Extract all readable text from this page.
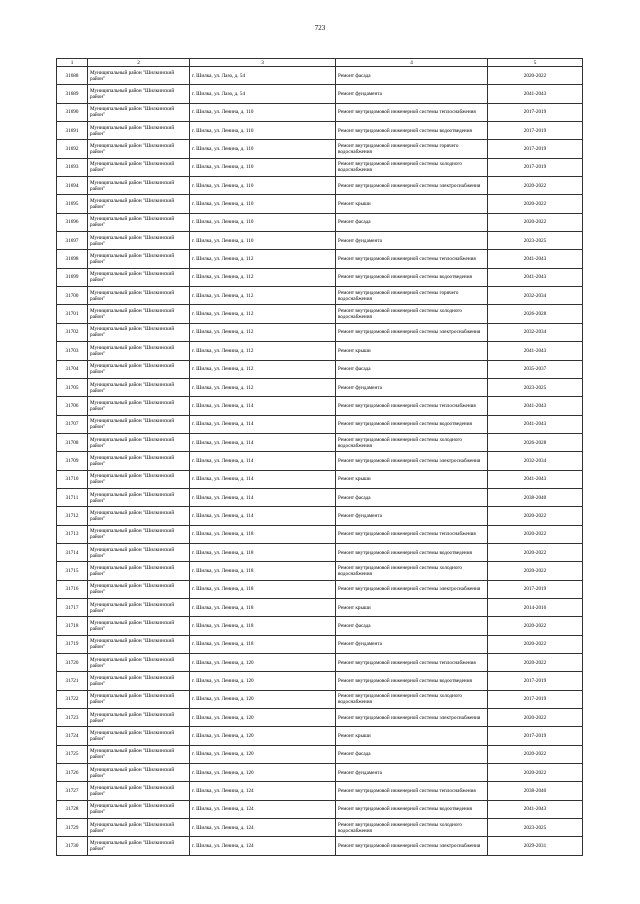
723
1	2	3	4	5
31688	Муниципальный район "Шилкинский район"	г. Шилка, ул. Лазо, д. 54	Ремонт фасада	2020-2022
31689	Муниципальный район "Шилкинский район"	г. Шилка, ул. Лазо, д. 54	Ремонт фундамента	2041-2043
31690	Муниципальный район "Шилкинский район"	г. Шилка, ул. Ленина, д. 110	Ремонт внутридомовой инженерной системы теплоснабжения	2017-2019
31691	Муниципальный район "Шилкинский район"	г. Шилка, ул. Ленина, д. 110	Ремонт внутридомовой инженерной системы водоотведения	2017-2019
31692	Муниципальный район "Шилкинский район"	г. Шилка, ул. Ленина, д. 110	Ремонт внутридомовой инженерной системы горячего водоснабжения	2017-2019
31693	Муниципальный район "Шилкинский район"	г. Шилка, ул. Ленина, д. 110	Ремонт внутридомовой инженерной системы холодного водоснабжения	2017-2019
31694	Муниципальный район "Шилкинский район"	г. Шилка, ул. Ленина, д. 110	Ремонт внутридомовой инженерной системы электроснабжения	2020-2022
31695	Муниципальный район "Шилкинский район"	г. Шилка, ул. Ленина, д. 110	Ремонт крыши	2020-2022
31696	Муниципальный район "Шилкинский район"	г. Шилка, ул. Ленина, д. 110	Ремонт фасада	2020-2022
31697	Муниципальный район "Шилкинский район"	г. Шилка, ул. Ленина, д. 110	Ремонт фундамента	2023-2025
31698	Муниципальный район "Шилкинский район"	г. Шилка, ул. Ленина, д. 112	Ремонт внутридомовой инженерной системы теплоснабжения	2041-2043
31699	Муниципальный район "Шилкинский район"	г. Шилка, ул. Ленина, д. 112	Ремонт внутридомовой инженерной системы водоотведения	2041-2043
31700	Муниципальный район "Шилкинский район"	г. Шилка, ул. Ленина, д. 112	Ремонт внутридомовой инженерной системы горячего водоснабжения	2032-2034
31701	Муниципальный район "Шилкинский район"	г. Шилка, ул. Ленина, д. 112	Ремонт внутридомовой инженерной системы холодного водоснабжения	2026-2028
31702	Муниципальный район "Шилкинский район"	г. Шилка, ул. Ленина, д. 112	Ремонт внутридомовой инженерной системы электроснабжения	2032-2034
31703	Муниципальный район "Шилкинский район"	г. Шилка, ул. Ленина, д. 112	Ремонт крыши	2041-2043
31704	Муниципальный район "Шилкинский район"	г. Шилка, ул. Ленина, д. 112	Ремонт фасада	2035-2037
31705	Муниципальный район "Шилкинский район"	г. Шилка, ул. Ленина, д. 112	Ремонт фундамента	2023-2025
31706	Муниципальный район "Шилкинский район"	г. Шилка, ул. Ленина, д. 114	Ремонт внутридомовой инженерной системы теплоснабжения	2041-2043
31707	Муниципальный район "Шилкинский район"	г. Шилка, ул. Ленина, д. 114	Ремонт внутридомовой инженерной системы водоотведения	2041-2043
31708	Муниципальный район "Шилкинский район"	г. Шилка, ул. Ленина, д. 114	Ремонт внутридомовой инженерной системы холодного водоснабжения	2026-2028
31709	Муниципальный район "Шилкинский район"	г. Шилка, ул. Ленина, д. 114	Ремонт внутридомовой инженерной системы электроснабжения	2032-2034
31710	Муниципальный район "Шилкинский район"	г. Шилка, ул. Ленина, д. 114	Ремонт крыши	2041-2043
31711	Муниципальный район "Шилкинский район"	г. Шилка, ул. Ленина, д. 114	Ремонт фасада	2038-2040
31712	Муниципальный район "Шилкинский район"	г. Шилка, ул. Ленина, д. 114	Ремонт фундамента	2020-2022
31713	Муниципальный район "Шилкинский район"	г. Шилка, ул. Ленина, д. 118	Ремонт внутридомовой инженерной системы теплоснабжения	2020-2022
31714	Муниципальный район "Шилкинский район"	г. Шилка, ул. Ленина, д. 118	Ремонт внутридомовой инженерной системы водоотведения	2020-2022
31715	Муниципальный район "Шилкинский район"	г. Шилка, ул. Ленина, д. 118	Ремонт внутридомовой инженерной системы холодного водоснабжения	2020-2022
31716	Муниципальный район "Шилкинский район"	г. Шилка, ул. Ленина, д. 118	Ремонт внутридомовой инженерной системы электроснабжения	2017-2019
31717	Муниципальный район "Шилкинский район"	г. Шилка, ул. Ленина, д. 118	Ремонт крыши	2014-2016
31718	Муниципальный район "Шилкинский район"	г. Шилка, ул. Ленина, д. 118	Ремонт фасада	2020-2022
31719	Муниципальный район "Шилкинский район"	г. Шилка, ул. Ленина, д. 118	Ремонт фундамента	2020-2022
31720	Муниципальный район "Шилкинский район"	г. Шилка, ул. Ленина, д. 120	Ремонт внутридомовой инженерной системы теплоснабжения	2020-2022
31721	Муниципальный район "Шилкинский район"	г. Шилка, ул. Ленина, д. 120	Ремонт внутридомовой инженерной системы водоотведения	2017-2019
31722	Муниципальный район "Шилкинский район"	г. Шилка, ул. Ленина, д. 120	Ремонт внутридомовой инженерной системы холодного водоснабжения	2017-2019
31723	Муниципальный район "Шилкинский район"	г. Шилка, ул. Ленина, д. 120	Ремонт внутридомовой инженерной системы электроснабжения	2020-2022
31724	Муниципальный район "Шилкинский район"	г. Шилка, ул. Ленина, д. 120	Ремонт крыши	2017-2019
31725	Муниципальный район "Шилкинский район"	г. Шилка, ул. Ленина, д. 120	Ремонт фасада	2020-2022
31726	Муниципальный район "Шилкинский район"	г. Шилка, ул. Ленина, д. 120	Ремонт фундамента	2020-2022
31727	Муниципальный район "Шилкинский район"	г. Шилка, ул. Ленина, д. 124	Ремонт внутридомовой инженерной системы теплоснабжения	2038-2040
31728	Муниципальный район "Шилкинский район"	г. Шилка, ул. Ленина, д. 124	Ремонт внутридомовой инженерной системы водоотведения	2041-2043
31729	Муниципальный район "Шилкинский район"	г. Шилка, ул. Ленина, д. 124	Ремонт внутридомовой инженерной системы холодного водоснабжения	2023-2025
31730	Муниципальный район "Шилкинский район"	г. Шилка, ул. Ленина, д. 124	Ремонт внутридомовой инженерной системы электроснабжения	2029-2031
